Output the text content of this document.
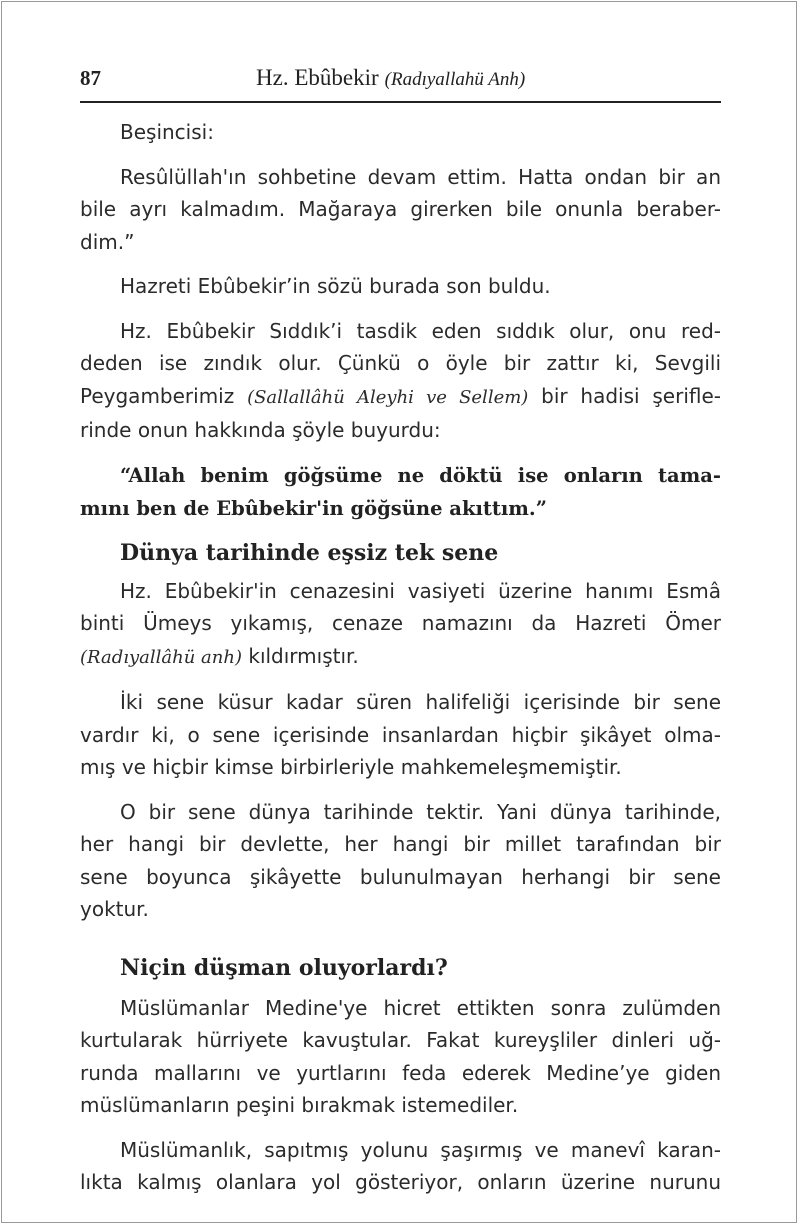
87	Hz. Ebûbekir (Radıyallahü Anh)
Beşincisi:
Resûlüllah'ın sohbetine devam ettim. Hatta ondan bir an
bile ayrı kalmadım. Mağaraya girerken bile onunla beraber-
dim.”
Hazreti Ebûbekir’in sözü burada son buldu.
Hz. Ebûbekir Sıddık’i tasdik eden sıddık olur, onu red-
deden ise zındık olur. Çünkü o öyle bir zattır ki, Sevgili
Peygamberimiz (Sallallâhü Aleyhi ve Sellem) bir hadisi şerifle-
rinde onun hakkında şöyle buyurdu:
“Allah benim göğsüme ne döktü ise onların tama-
mını ben de Ebûbekir'in göğsüne akıttım.”
Dünya tarihinde eşsiz tek sene
Hz. Ebûbekir'in cenazesini vasiyeti üzerine hanımı Esmâ
binti Ümeys yıkamış, cenaze namazını da Hazreti Ömer
(Radıyallâhü anh) kıldırmıştır.
İki sene küsur kadar süren halifeliği içerisinde bir sene
vardır ki, o sene içerisinde insanlardan hiçbir şikâyet olma-
mış ve hiçbir kimse birbirleriyle mahkemeleşmemiştir.
O bir sene dünya tarihinde tektir. Yani dünya tarihinde,
her hangi bir devlette, her hangi bir millet tarafından bir
sene boyunca şikâyette bulunulmayan herhangi bir sene
yoktur.
Niçin düşman oluyorlardı?
Müslümanlar Medine'ye hicret ettikten sonra zulümden
kurtularak hürriyete kavuştular. Fakat kureyşliler dinleri uğ-
runda mallarını ve yurtlarını feda ederek Medine’ye giden
müslümanların peşini bırakmak istemediler.
Müslümanlık, sapıtmış yolunu şaşırmış ve manevî karan-
lıkta kalmış olanlara yol gösteriyor, onların üzerine nurunu
